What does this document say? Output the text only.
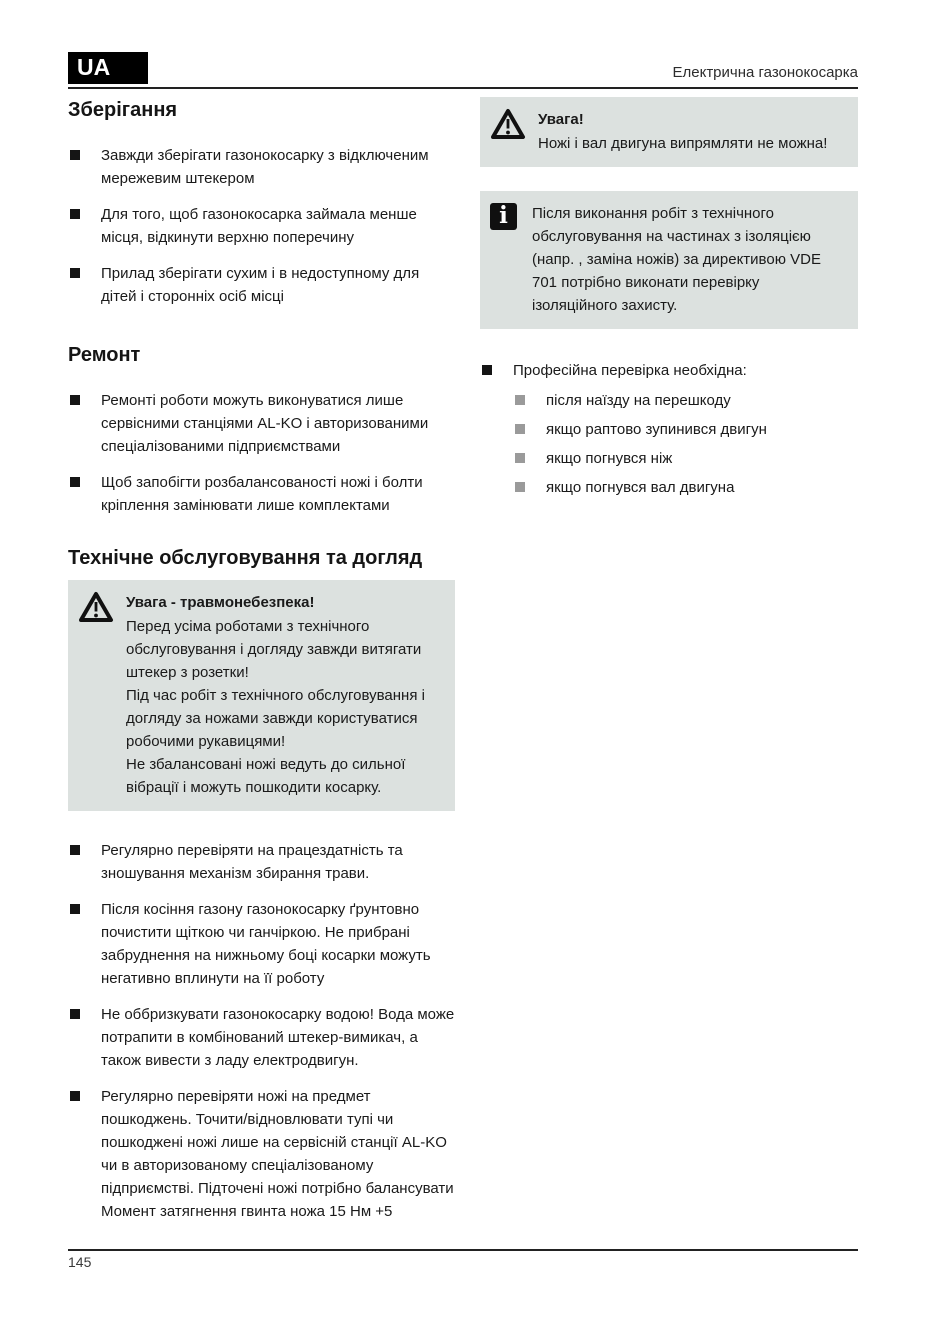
UA	Електрична газонокосарка
Зберігання
Завжди зберігати газонокосарку з відключеним мережевим штекером
Для того, щоб газонокосарка займала менше місця, відкинути верхню поперечину
Прилад зберігати сухим і в недоступному для дітей і сторонніх осіб місці
Ремонт
Ремонті роботи можуть виконуватися лише сервісними станціями AL-KO і авторизованими спеціалізованими підприємствами
Щоб запобігти розбалансованості ножі і болти кріплення замінювати лише комплектами
Технічне обслуговування та догляд
Увага - травмонебезпека!
Перед усіма роботами з технічного обслуговування і догляду завжди витягати штекер з розетки!
Під час робіт з технічного обслуговування і догляду за ножами завжди користуватися робочими рукавицями!
Не збалансовані ножі ведуть до сильної вібрації і можуть пошкодити косарку.
Регулярно перевіряти на працездатність та зношування механізм збирання трави.
Після косіння газону газонокосарку ґрунтовно почистити щіткою чи ганчіркою. Не прибрані забруднення на нижньому боці косарки можуть негативно вплинути на її роботу
Не оббризкувати газонокосарку водою! Вода може потрапити в комбінований штекер-вимикач, а також вивести з ладу електродвигун.
Регулярно перевіряти ножі на предмет пошкоджень. Точити/відновлювати тупі чи пошкоджені ножі лише на сервісній станції AL-KO чи в авторизованому спеціалізованому підприємстві. Підточені ножі потрібно балансувати
Момент затягнення гвинта ножа 15 Нм +5
Увага!
Ножі і вал двигуна випрямляти не можна!
i	Після виконання робіт з технічного обслуговування на частинах з ізоляцією (напр. , заміна ножів) за директивою VDE 701 потрібно виконати перевірку ізоляційного захисту.
Професійна перевірка необхідна:
після наїзду на перешкоду
якщо раптово зупинився двигун
якщо погнувся ніж
якщо погнувся вал двигуна
145
